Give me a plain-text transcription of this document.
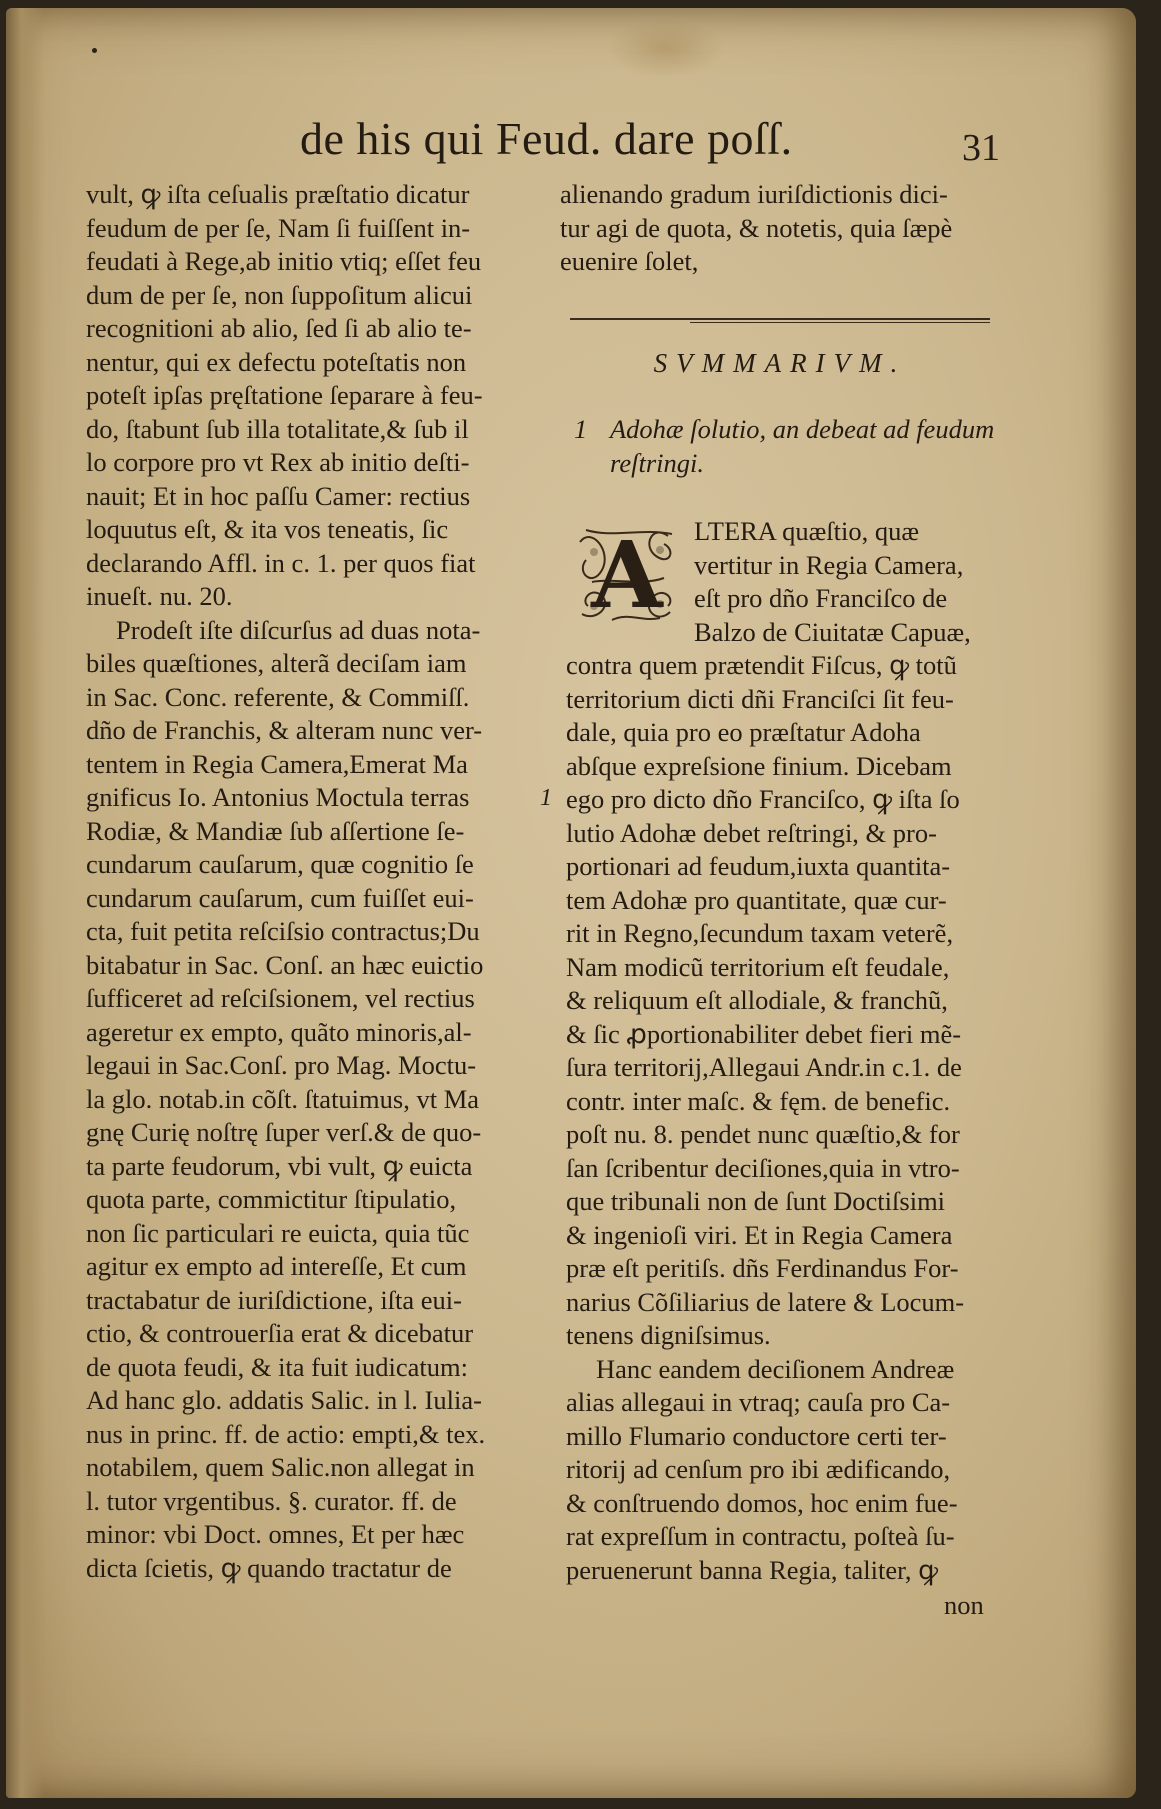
de his qui Feud. dare poſſ.	31
vult, ꝙ iſta ceſualis præſtatio dicatur
feudum de per ſe, Nam ſi fuiſſent in-
feudati à Rege,ab initio vtiq; eſſet feu
dum de per ſe, non ſuppoſitum alicui
recognitioni ab alio, ſed ſi ab alio te-
nentur, qui ex defectu poteſtatis non
poteſt ipſas pręſtatione ſeparare à feu-
do, ſtabunt ſub illa totalitate,& ſub il
lo corpore pro vt Rex ab initio deſti-
nauit; Et in hoc paſſu Camer: rectius
loquutus eſt, & ita vos teneatis, ſic
declarando Affl. in c. 1. per quos fiat
inueſt. nu. 20.
Prodeſt iſte diſcurſus ad duas nota-
biles quæſtiones, alterã deciſam iam
in Sac. Conc. referente, & Commiſſ.
dño de Franchis, & alteram nunc ver-
tentem in Regia Camera,Emerat Ma
gnificus Io. Antonius Moctula terras
Rodiæ, & Mandiæ ſub aſſertione ſe-
cundarum cauſarum, quæ cognitio ſe
cundarum cauſarum, cum fuiſſet eui-
cta, fuit petita reſciſsio contractus;Du
bitabatur in Sac. Conſ. an hæc euictio
ſufficeret ad reſciſsionem, vel rectius
ageretur ex empto, quãto minoris,al-
legaui in Sac.Conſ. pro Mag. Moctu-
la glo. notab.in cõſt. ſtatuimus, vt Ma
gnę Curię noſtrę ſuper verſ.& de quo-
ta parte feudorum, vbi vult, ꝙ euicta
quota parte, commictitur ſtipulatio,
non ſic particulari re euicta, quia tũc
agitur ex empto ad intereſſe, Et cum
tractabatur de iuriſdictione, iſta eui-
ctio, & controuerſia erat & dicebatur
de quota feudi, & ita fuit iudicatum:
Ad hanc glo. addatis Salic. in l. Iulia-
nus in princ. ff. de actio: empti,& tex.
notabilem, quem Salic.non allegat in
l. tutor vrgentibus. §. curator. ff. de
minor: vbi Doct. omnes, Et per hæc
dicta ſcietis, ꝙ quando tractatur de
alienando gradum iuriſdictionis dici-
tur agi de quota, & notetis, quia ſæpè
euenire ſolet,
SVMMARIVM.
1 Adohæ ſolutio, an debeat ad feudum
reſtringi.
A	LTERA quæſtio, quæ
vertitur in Regia Camera,
eſt pro dño Franciſco de
Balzo de Ciuitatæ Capuæ,
contra quem prætendit Fiſcus, ꝙ totũ
territorium dicti dñi Franciſci ſit feu-
dale, quia pro eo præſtatur Adoha
abſque expreſsione finium. Dicebam
ego pro dicto dño Franciſco, ꝙ iſta ſo
lutio Adohæ debet reſtringi, & pro-
portionari ad feudum,iuxta quantita-
tem Adohæ pro quantitate, quæ cur-
rit in Regno,ſecundum taxam veterẽ,
Nam modicũ territorium eſt feudale,
& reliquum eſt allodiale, & franchũ,
& ſic ꝓportionabiliter debet fieri mẽ-
ſura territorij,Allegaui Andr.in c.1. de
contr. inter maſc. & fęm. de benefic.
poſt nu. 8. pendet nunc quæſtio,& for
ſan ſcribentur deciſiones,quia in vtro-
que tribunali non de ſunt Doctiſsimi
& ingenioſi viri. Et in Regia Camera
præ eſt peritiſs. dñs Ferdinandus For-
narius Cõſiliarius de latere & Locum-
tenens digniſsimus.
Hanc eandem deciſionem Andreæ
alias allegaui in vtraq; cauſa pro Ca-
millo Flumario conductore certi ter-
ritorij ad cenſum pro ibi ædificando,
& conſtruendo domos, hoc enim fue-
rat expreſſum in contractu, poſteà ſu-
peruenerunt banna Regia, taliter, ꝙ
1
non
